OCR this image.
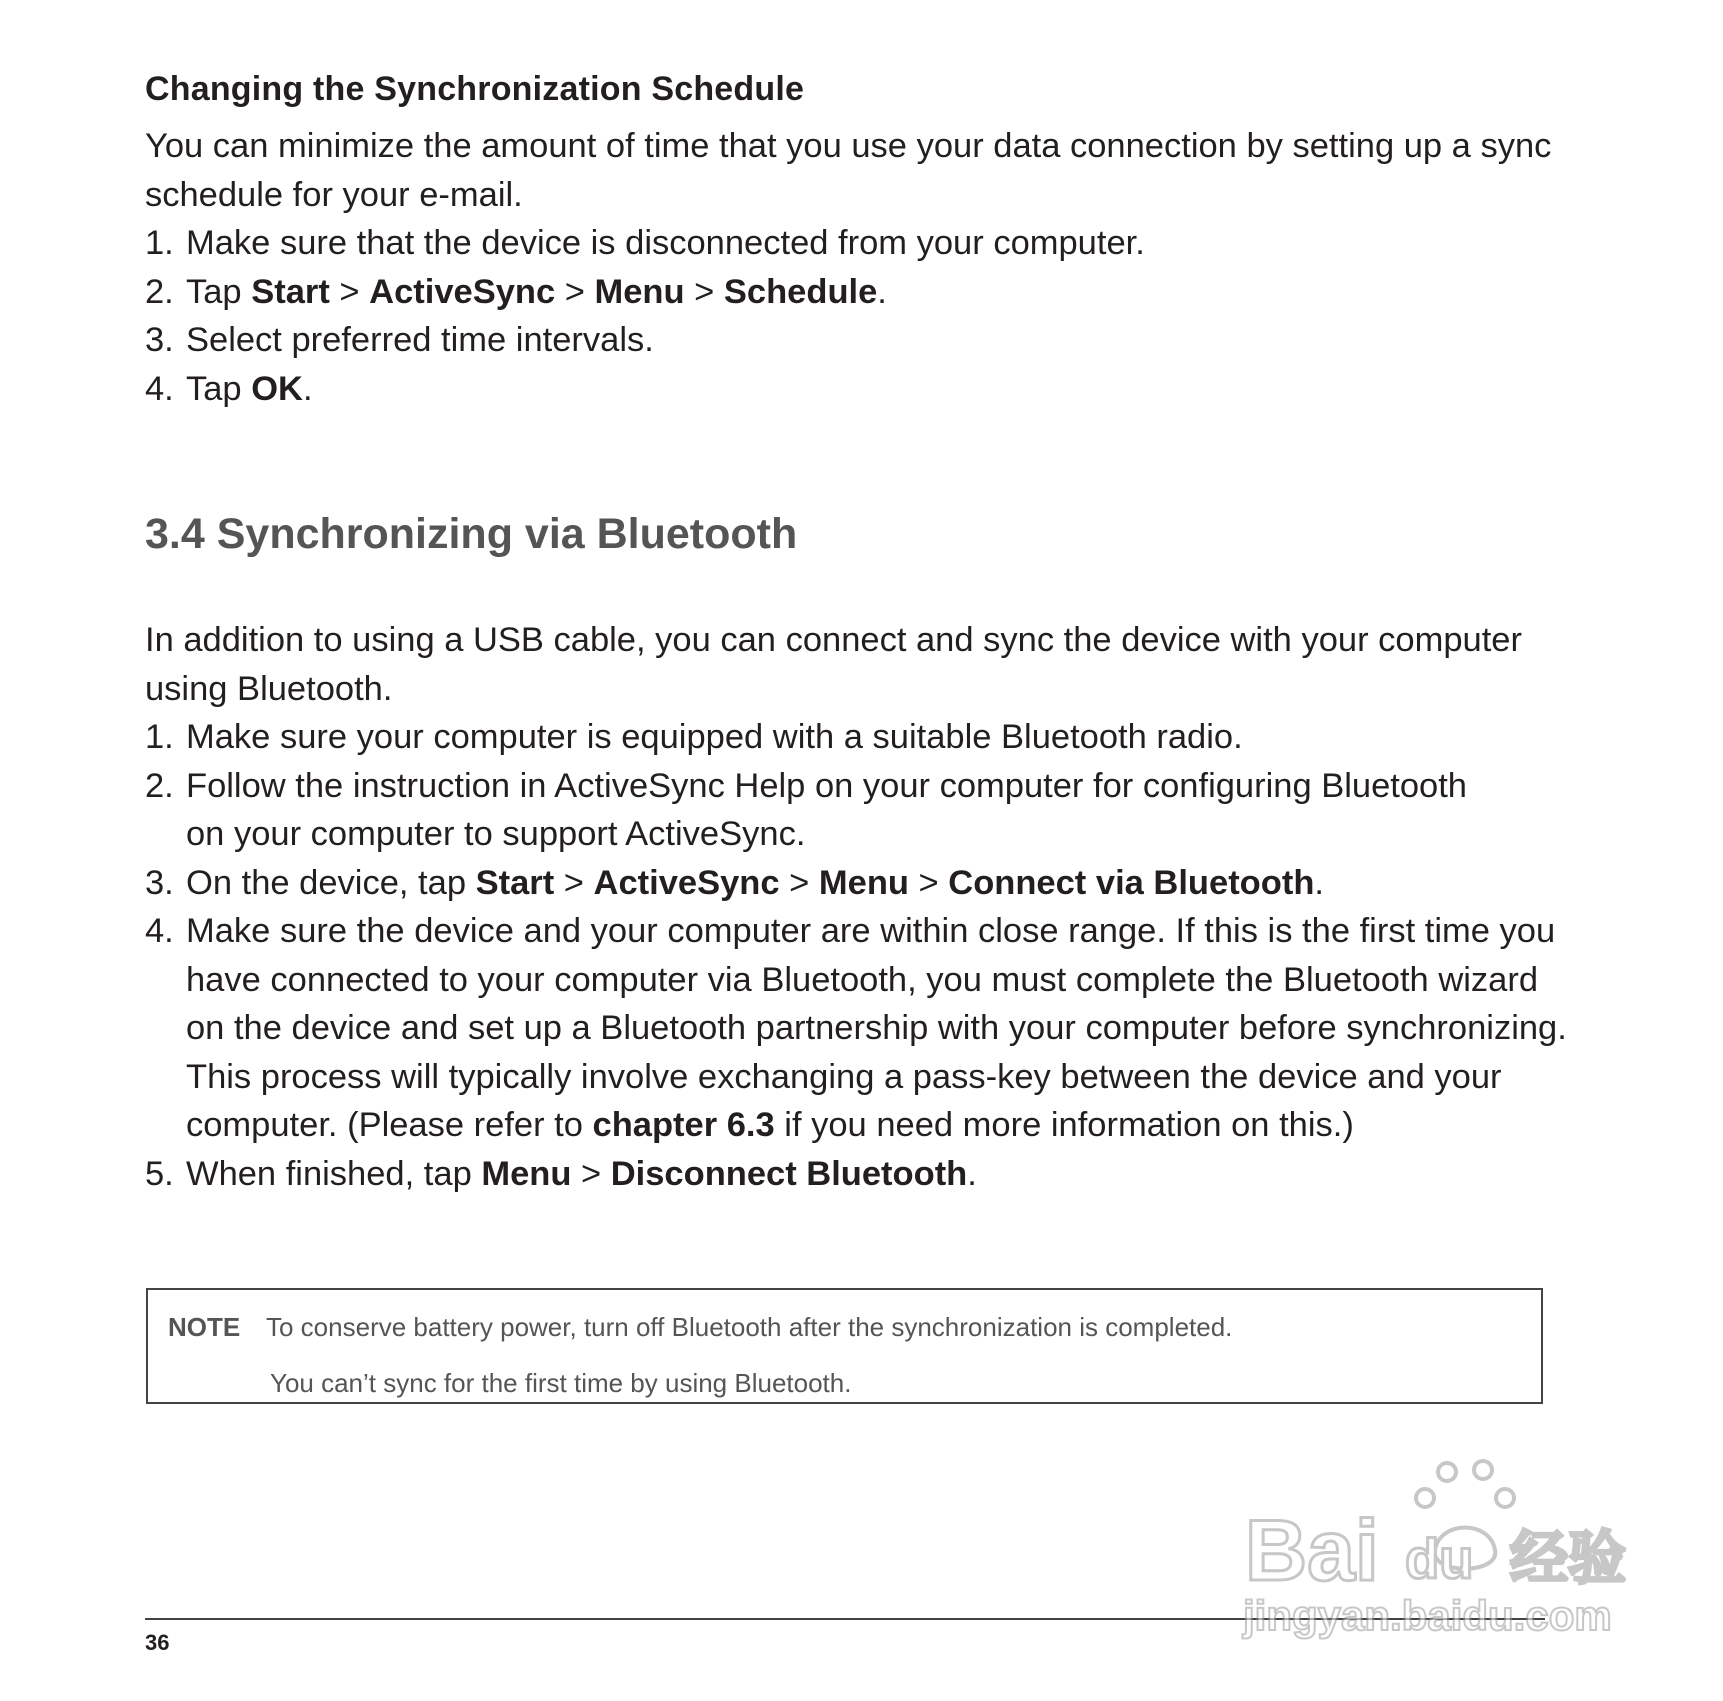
Changing the Synchronization Schedule

You can minimize the amount of time that you use your data connection by setting up a sync schedule for your e-mail.

1. Make sure that the device is disconnected from your computer.
2. Tap Start > ActiveSync > Menu > Schedule.
3. Select preferred time intervals.
4. Tap OK.
3.4 Synchronizing via Bluetooth

In addition to using a USB cable, you can connect and sync the device with your computer using Bluetooth.

1. Make sure your computer is equipped with a suitable Bluetooth radio.
2. Follow the instruction in ActiveSync Help on your computer for configuring Bluetooth on your computer to support ActiveSync.
3. On the device, tap Start > ActiveSync > Menu > Connect via Bluetooth.
4. Make sure the device and your computer are within close range. If this is the first time you have connected to your computer via Bluetooth, you must complete the Bluetooth wizard on the device and set up a Bluetooth partnership with your computer before synchronizing. This process will typically involve exchanging a pass-key between the device and your computer. (Please refer to chapter 6.3 if you need more information on this.)
5. When finished, tap Menu > Disconnect Bluetooth.
NOTE To conserve battery power, turn off Bluetooth after the synchronization is completed.
You can’t sync for the first time by using Bluetooth.
36
Bai du 经验
jingyan.baidu.com
